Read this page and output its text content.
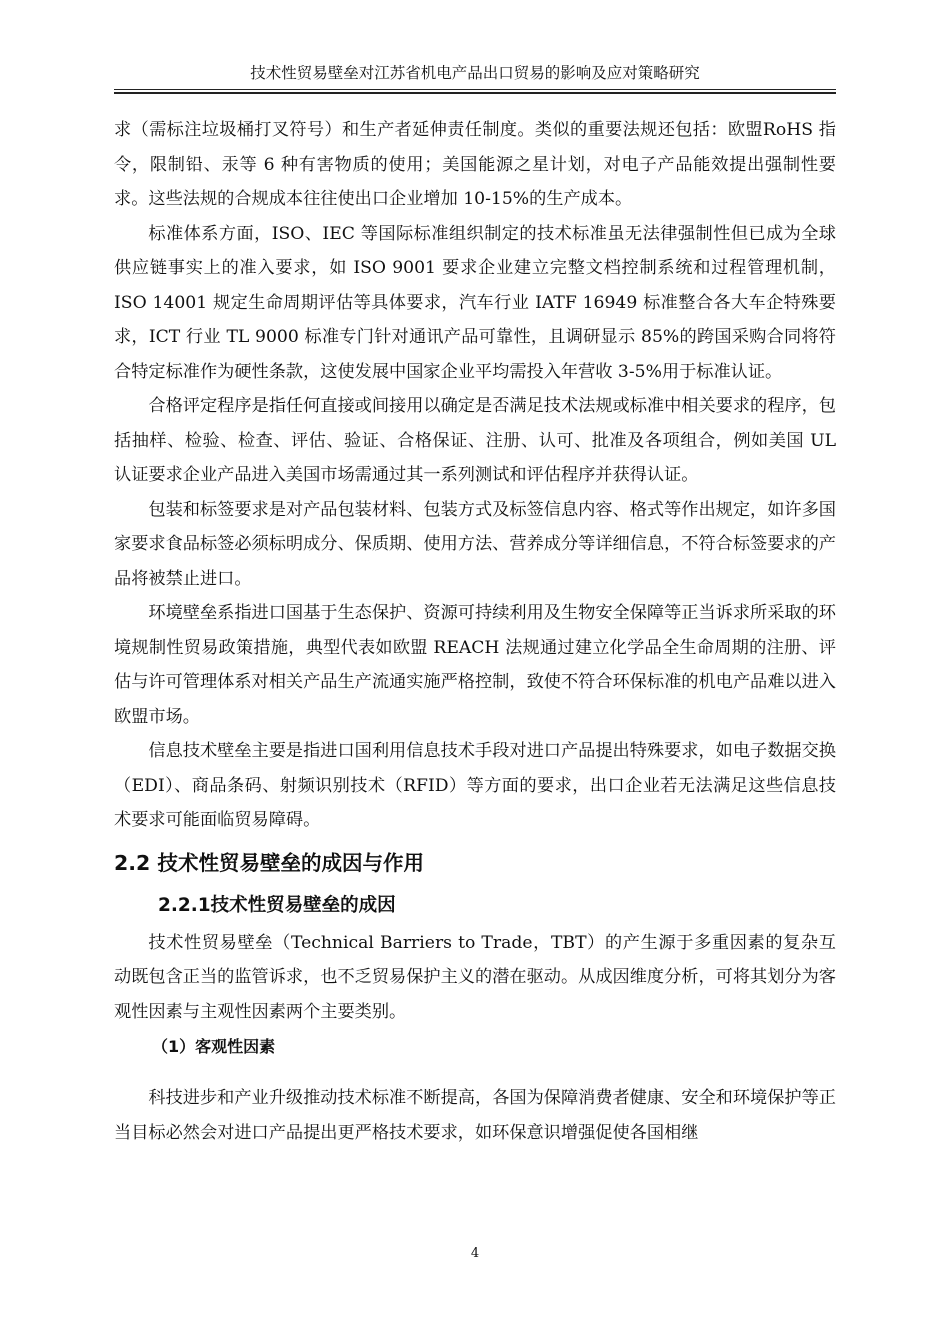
技术性贸易壁垒对江苏省机电产品出口贸易的影响及应对策略研究

求（需标注垃圾桶打叉符号）和生产者延伸责任制度。类似的重要法规还包括：欧盟RoHS 指令，限制铅、汞等 6 种有害物质的使用；美国能源之星计划，对电子产品能效提出强制性要求。这些法规的合规成本往往使出口企业增加 10-15%的生产成本。

标准体系方面，ISO、IEC 等国际标准组织制定的技术标准虽无法律强制性但已成为全球供应链事实上的准入要求，如 ISO 9001 要求企业建立完整文档控制系统和过程管理机制，ISO 14001 规定生命周期评估等具体要求，汽车行业 IATF 16949 标准整合各大车企特殊要求，ICT 行业 TL 9000 标准专门针对通讯产品可靠性，且调研显示 85%的跨国采购合同将符合特定标准作为硬性条款，这使发展中国家企业平均需投入年营收 3-5%用于标准认证。

合格评定程序是指任何直接或间接用以确定是否满足技术法规或标准中相关要求的程序，包括抽样、检验、检查、评估、验证、合格保证、注册、认可、批准及各项组合，例如美国 UL 认证要求企业产品进入美国市场需通过其一系列测试和评估程序并获得认证。

包装和标签要求是对产品包装材料、包装方式及标签信息内容、格式等作出规定，如许多国家要求食品标签必须标明成分、保质期、使用方法、营养成分等详细信息，不符合标签要求的产品将被禁止进口。

环境壁垒系指进口国基于生态保护、资源可持续利用及生物安全保障等正当诉求所采取的环境规制性贸易政策措施，典型代表如欧盟 REACH 法规通过建立化学品全生命周期的注册、评估与许可管理体系对相关产品生产流通实施严格控制，致使不符合环保标准的机电产品难以进入欧盟市场。

信息技术壁垒主要是指进口国利用信息技术手段对进口产品提出特殊要求，如电子数据交换（EDI）、商品条码、射频识别技术（RFID）等方面的要求，出口企业若无法满足这些信息技术要求可能面临贸易障碍。

2.2 技术性贸易壁垒的成因与作用
2.2.1技术性贸易壁垒的成因

技术性贸易壁垒（Technical Barriers to Trade，TBT）的产生源于多重因素的复杂互动既包含正当的监管诉求，也不乏贸易保护主义的潜在驱动。从成因维度分析，可将其划分为客观性因素与主观性因素两个主要类别。

（1）客观性因素

科技进步和产业升级推动技术标准不断提高，各国为保障消费者健康、安全和环境保护等正当目标必然会对进口产品提出更严格技术要求，如环保意识增强促使各国相继

4
